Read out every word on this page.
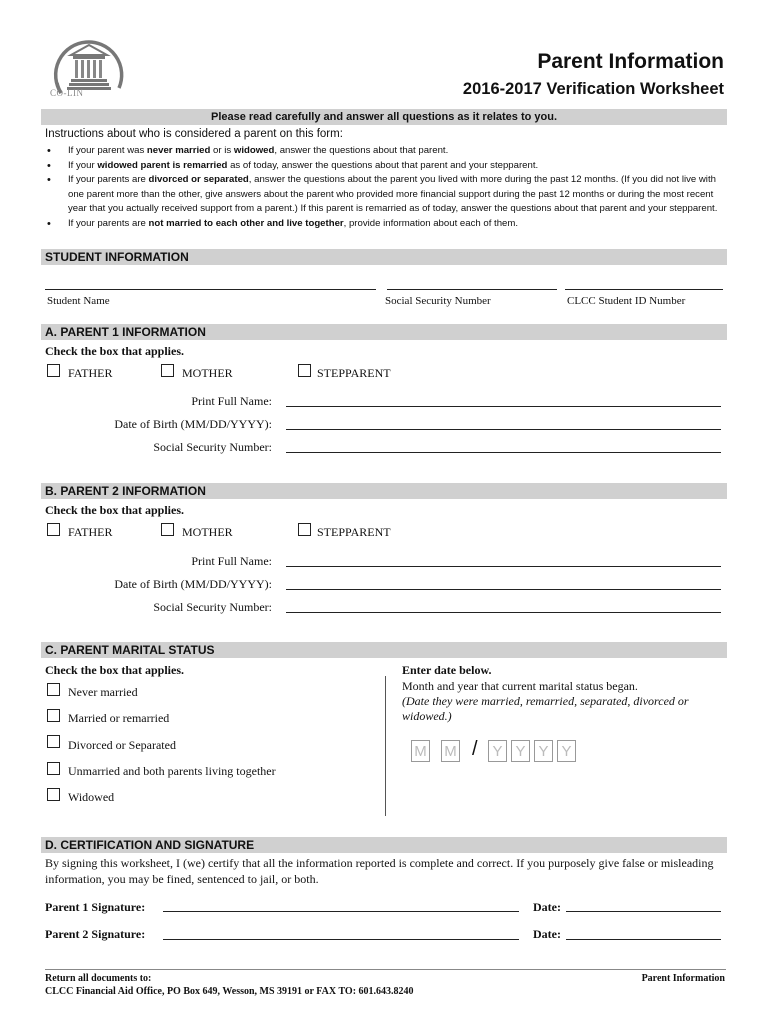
CO-LIN
Parent Information
2016-2017 Verification Worksheet
Please read carefully and answer all questions as it relates to you.
Instructions about who is considered a parent on this form:
• If your parent was never married or is widowed, answer the questions about that parent.
• If your widowed parent is remarried as of today, answer the questions about that parent and your stepparent.
• If your parents are divorced or separated, answer the questions about the parent you lived with more during the past 12 months. (If you did not live with one parent more than the other, give answers about the parent who provided more financial support during the past 12 months or during the most recent year that you actually received support from a parent.) If this parent is remarried as of today, answer the questions about that parent and your stepparent.
• If your parents are not married to each other and live together, provide information about each of them.
STUDENT INFORMATION
Student Name	Social Security Number	CLCC Student ID Number
A. PARENT 1 INFORMATION
Check the box that applies.
FATHER	MOTHER	STEPPARENT
Print Full Name:
Date of Birth (MM/DD/YYYY):
Social Security Number:
B. PARENT 2 INFORMATION
Check the box that applies.
FATHER	MOTHER	STEPPARENT
Print Full Name:
Date of Birth (MM/DD/YYYY):
Social Security Number:
C. PARENT MARITAL STATUS
Check the box that applies.
Never married
Married or remarried
Divorced or Separated
Unmarried and both parents living together
Widowed
Enter date below.
Month and year that current marital status began.
(Date they were married, remarried, separated, divorced or widowed.)
M M / Y Y Y Y
D. CERTIFICATION AND SIGNATURE
By signing this worksheet, I (we) certify that all the information reported is complete and correct. If you purposely give false or misleading information, you may be fined, sentenced to jail, or both.
Parent 1 Signature:	Date:
Parent 2 Signature:	Date:
Return all documents to:
CLCC Financial Aid Office, PO Box 649, Wesson, MS 39191 or FAX TO: 601.643.8240
Parent Information
